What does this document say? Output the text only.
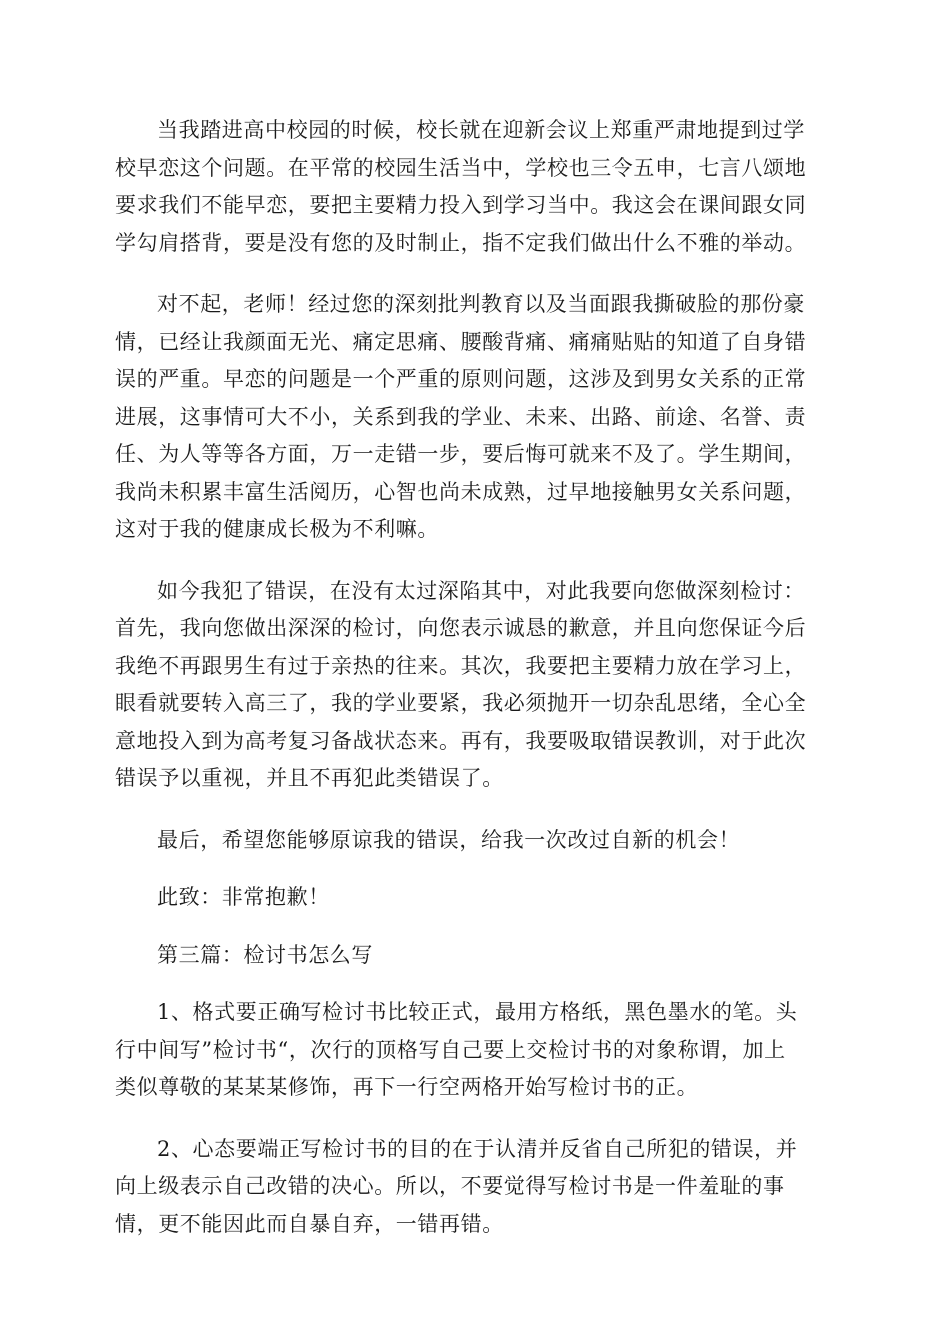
当我踏进高中校园的时候，校长就在迎新会议上郑重严肃地提到过学
校早恋这个问题。在平常的校园生活当中，学校也三令五申，七言八颂地
要求我们不能早恋，要把主要精力投入到学习当中。我这会在课间跟女同
学勾肩搭背，要是没有您的及时制止，指不定我们做出什么不雅的举动。

对不起，老师！经过您的深刻批判教育以及当面跟我撕破脸的那份豪
情，已经让我颜面无光、痛定思痛、腰酸背痛、痛痛贴贴的知道了自身错
误的严重。早恋的问题是一个严重的原则问题，这涉及到男女关系的正常
进展，这事情可大不小，关系到我的学业、未来、出路、前途、名誉、责
任、为人等等各方面，万一走错一步，要后悔可就来不及了。学生期间，
我尚未积累丰富生活阅历，心智也尚未成熟，过早地接触男女关系问题，
这对于我的健康成长极为不利嘛。

如今我犯了错误，在没有太过深陷其中，对此我要向您做深刻检讨：
首先，我向您做出深深的检讨，向您表示诚恳的歉意，并且向您保证今后
我绝不再跟男生有过于亲热的往来。其次，我要把主要精力放在学习上，
眼看就要转入高三了，我的学业要紧，我必须抛开一切杂乱思绪，全心全
意地投入到为高考复习备战状态来。再有，我要吸取错误教训，对于此次
错误予以重视，并且不再犯此类错误了。

最后，希望您能够原谅我的错误，给我一次改过自新的机会！

此致：非常抱歉！

第三篇：检讨书怎么写

1、格式要正确写检讨书比较正式，最用方格纸，黑色墨水的笔。头
行中间写”检讨书“，次行的顶格写自己要上交检讨书的对象称谓，加上
类似尊敬的某某某修饰，再下一行空两格开始写检讨书的正。

2、心态要端正写检讨书的目的在于认清并反省自己所犯的错误，并
向上级表示自己改错的决心。所以，不要觉得写检讨书是一件羞耻的事
情，更不能因此而自暴自弃，一错再错。
